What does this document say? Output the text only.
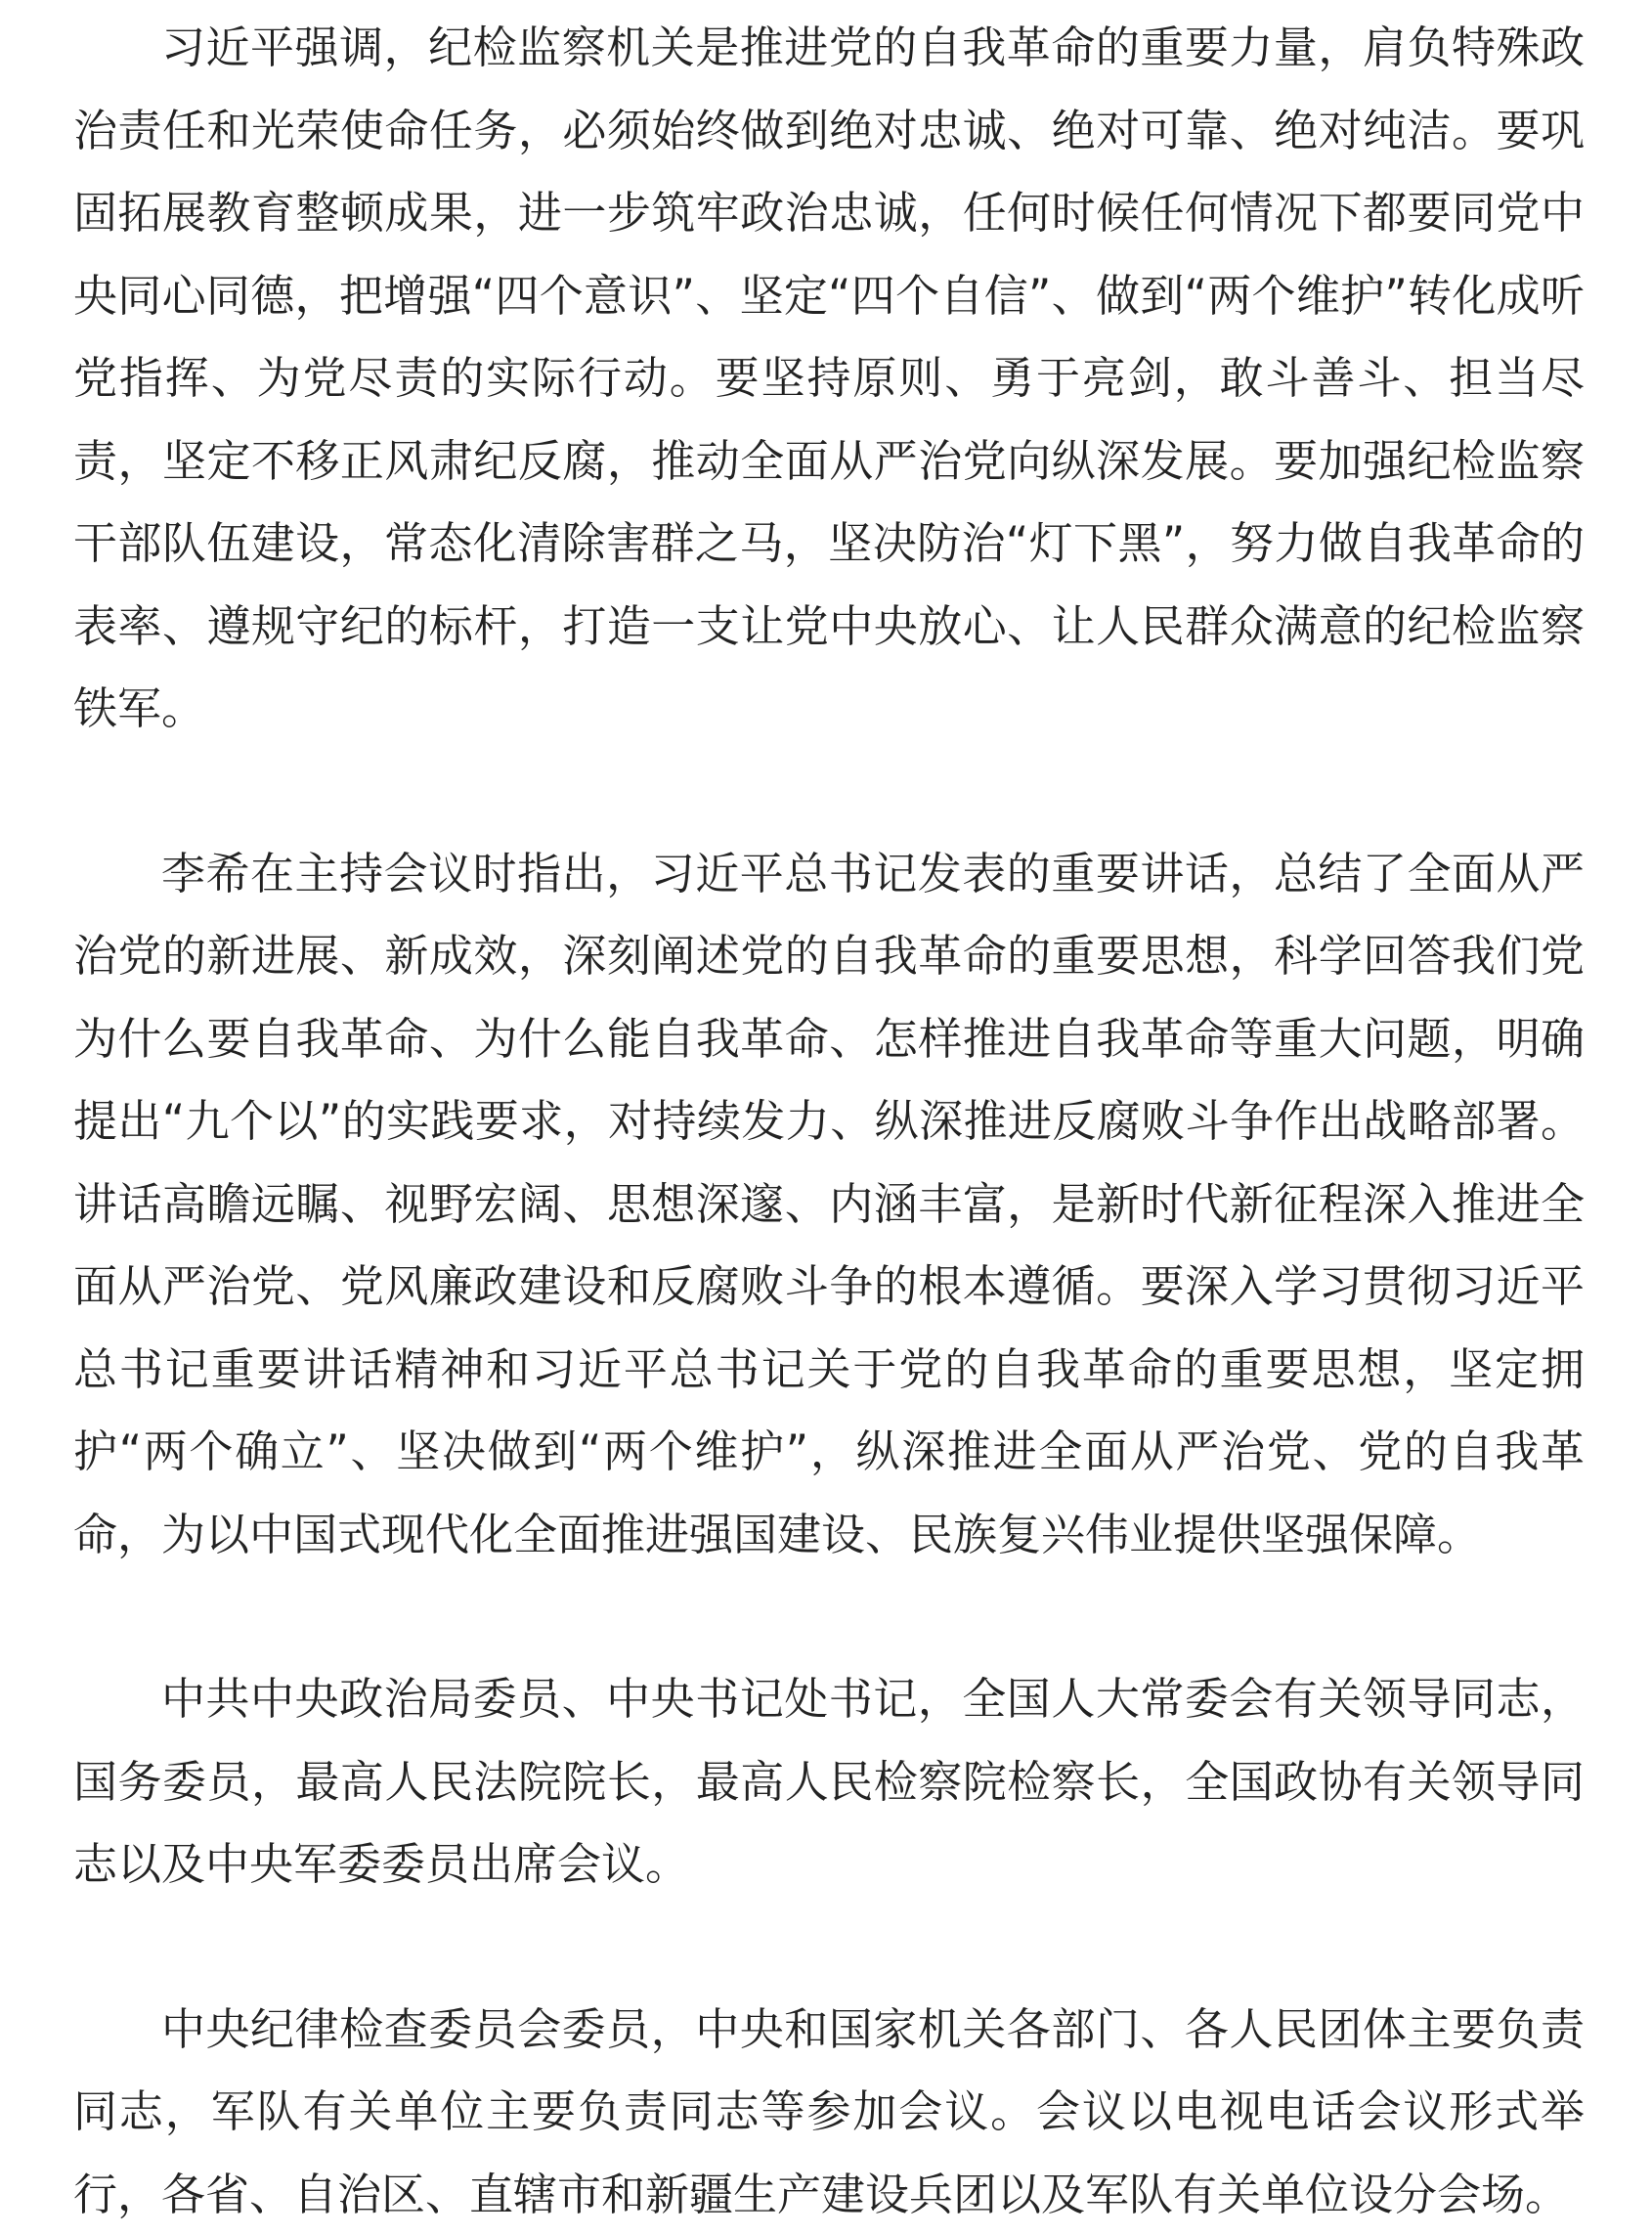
习近平强调，纪检监察机关是推进党的自我革命的重要力量，肩负特殊政治责任和光荣使命任务，必须始终做到绝对忠诚、绝对可靠、绝对纯洁。要巩固拓展教育整顿成果，进一步筑牢政治忠诚，任何时候任何情况下都要同党中央同心同德，把增强“四个意识”、坚定“四个自信”、做到“两个维护”转化成听党指挥、为党尽责的实际行动。要坚持原则、勇于亮剑，敢斗善斗、担当尽责，坚定不移正风肃纪反腐，推动全面从严治党向纵深发展。要加强纪检监察干部队伍建设，常态化清除害群之马，坚决防治“灯下黑”，努力做自我革命的表率、遵规守纪的标杆，打造一支让党中央放心、让人民群众满意的纪检监察铁军。

李希在主持会议时指出，习近平总书记发表的重要讲话，总结了全面从严治党的新进展、新成效，深刻阐述党的自我革命的重要思想，科学回答我们党为什么要自我革命、为什么能自我革命、怎样推进自我革命等重大问题，明确提出“九个以”的实践要求，对持续发力、纵深推进反腐败斗争作出战略部署。讲话高瞻远瞩、视野宏阔、思想深邃、内涵丰富，是新时代新征程深入推进全面从严治党、党风廉政建设和反腐败斗争的根本遵循。要深入学习贯彻习近平总书记重要讲话精神和习近平总书记关于党的自我革命的重要思想，坚定拥护“两个确立”、坚决做到“两个维护”，纵深推进全面从严治党、党的自我革命，为以中国式现代化全面推进强国建设、民族复兴伟业提供坚强保障。

中共中央政治局委员、中央书记处书记，全国人大常委会有关领导同志，国务委员，最高人民法院院长，最高人民检察院检察长，全国政协有关领导同志以及中央军委委员出席会议。

中央纪律检查委员会委员，中央和国家机关各部门、各人民团体主要负责同志，军队有关单位主要负责同志等参加会议。会议以电视电话会议形式举行，各省、自治区、直辖市和新疆生产建设兵团以及军队有关单位设分会场。
